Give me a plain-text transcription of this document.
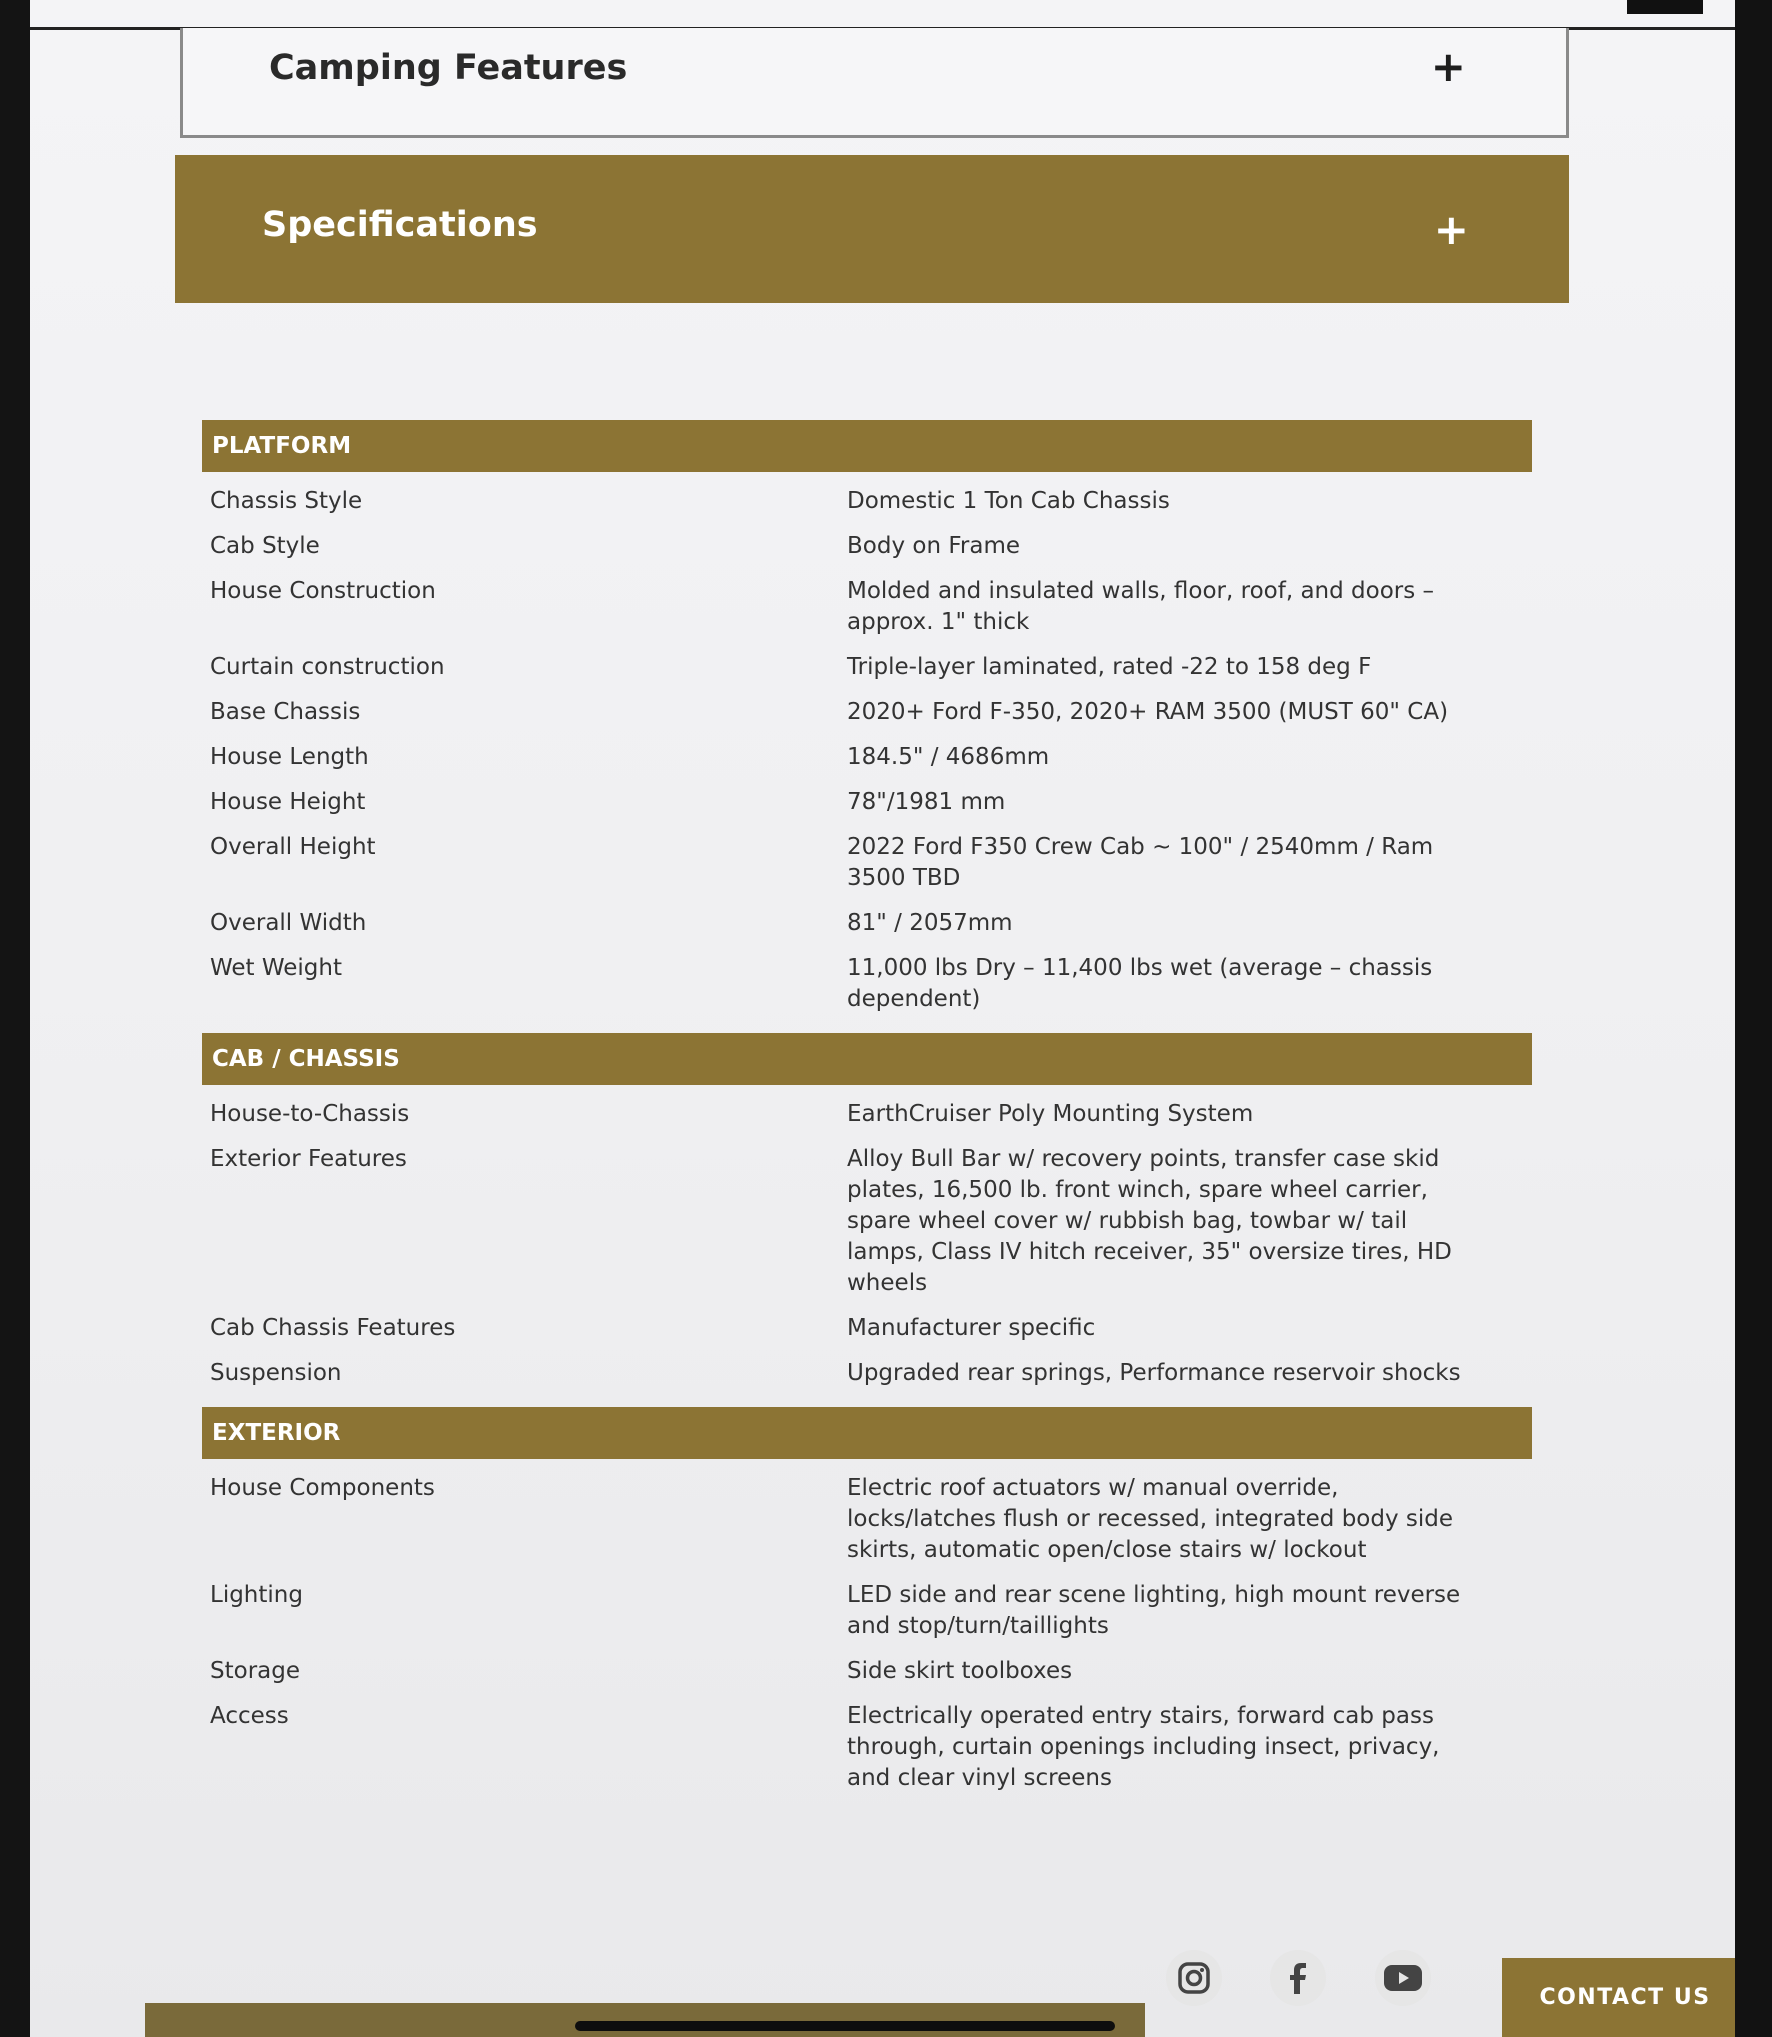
Camping Features	+
Specifications	+
PLATFORM
Chassis Style	Domestic 1 Ton Cab Chassis
Cab Style	Body on Frame
House Construction	Molded and insulated walls, floor, roof, and doors – approx. 1" thick
Curtain construction	Triple-layer laminated, rated -22 to 158 deg F
Base Chassis	2020+ Ford F-350, 2020+ RAM 3500 (MUST 60" CA)
House Length	184.5" / 4686mm
House Height	78"/1981 mm
Overall Height	2022 Ford F350 Crew Cab ~ 100" / 2540mm / Ram 3500 TBD
Overall Width	81" / 2057mm
Wet Weight	11,000 lbs Dry – 11,400 lbs wet (average – chassis dependent)
CAB / CHASSIS
House-to-Chassis	EarthCruiser Poly Mounting System
Exterior Features	Alloy Bull Bar w/ recovery points, transfer case skid plates, 16,500 lb. front winch, spare wheel carrier, spare wheel cover w/ rubbish bag, towbar w/ tail lamps, Class IV hitch receiver, 35" oversize tires, HD wheels
Cab Chassis Features	Manufacturer specific
Suspension	Upgraded rear springs, Performance reservoir shocks
EXTERIOR
House Components	Electric roof actuators w/ manual override, locks/latches flush or recessed, integrated body side skirts, automatic open/close stairs w/ lockout
Lighting	LED side and rear scene lighting, high mount reverse and stop/turn/taillights
Storage	Side skirt toolboxes
Access	Electrically operated entry stairs, forward cab pass through, curtain openings including insect, privacy, and clear vinyl screens
CONTACT US
